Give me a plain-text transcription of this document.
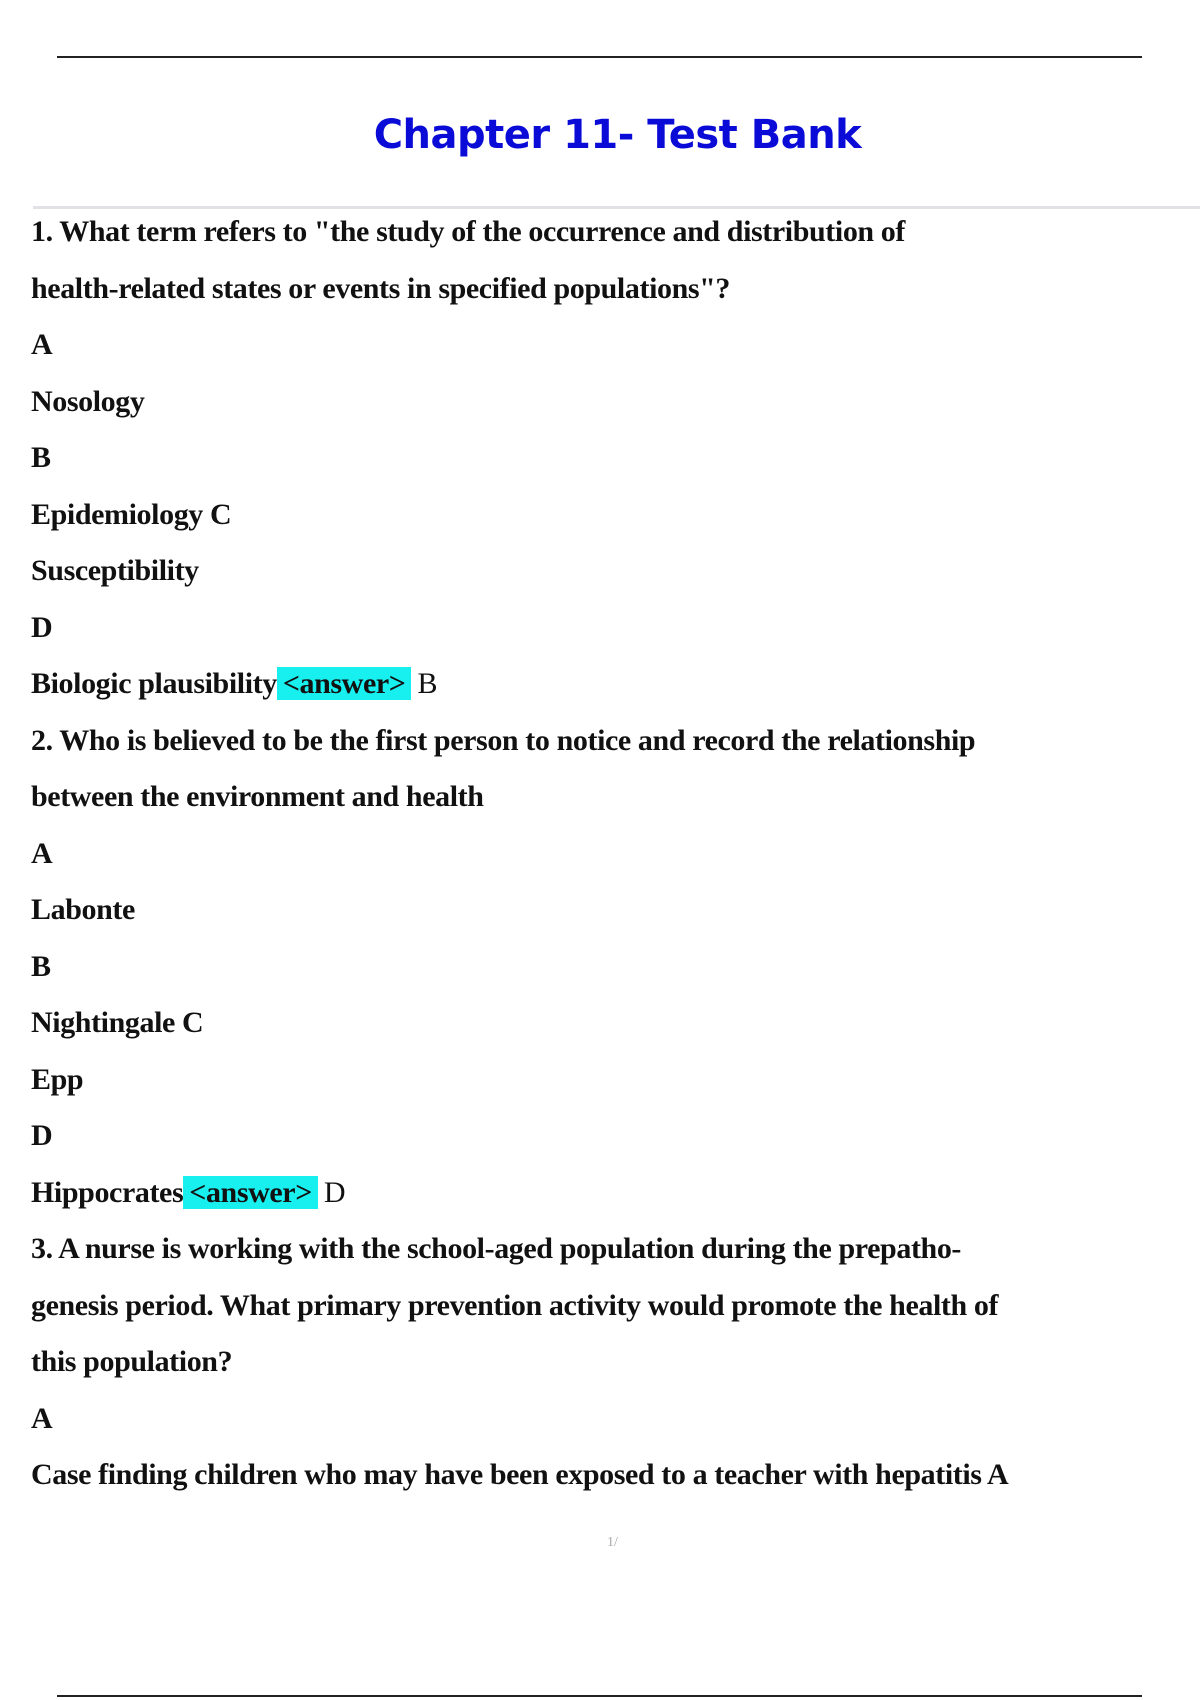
Chapter 11- Test Bank
1. What term refers to "the study of the occurrence and distribution of
health-related states or events in specified populations"?
A
Nosology
B
Epidemiology C
Susceptibility
D
Biologic plausibility <answer> B
2. Who is believed to be the first person to notice and record the relationship
between the environment and health
A
Labonte
B
Nightingale C
Epp
D
Hippocrates <answer> D
3. A nurse is working with the school-aged population during the prepatho-
genesis period. What primary prevention activity would promote the health of
this population?
A
Case finding children who may have been exposed to a teacher with hepatitis A
1/
